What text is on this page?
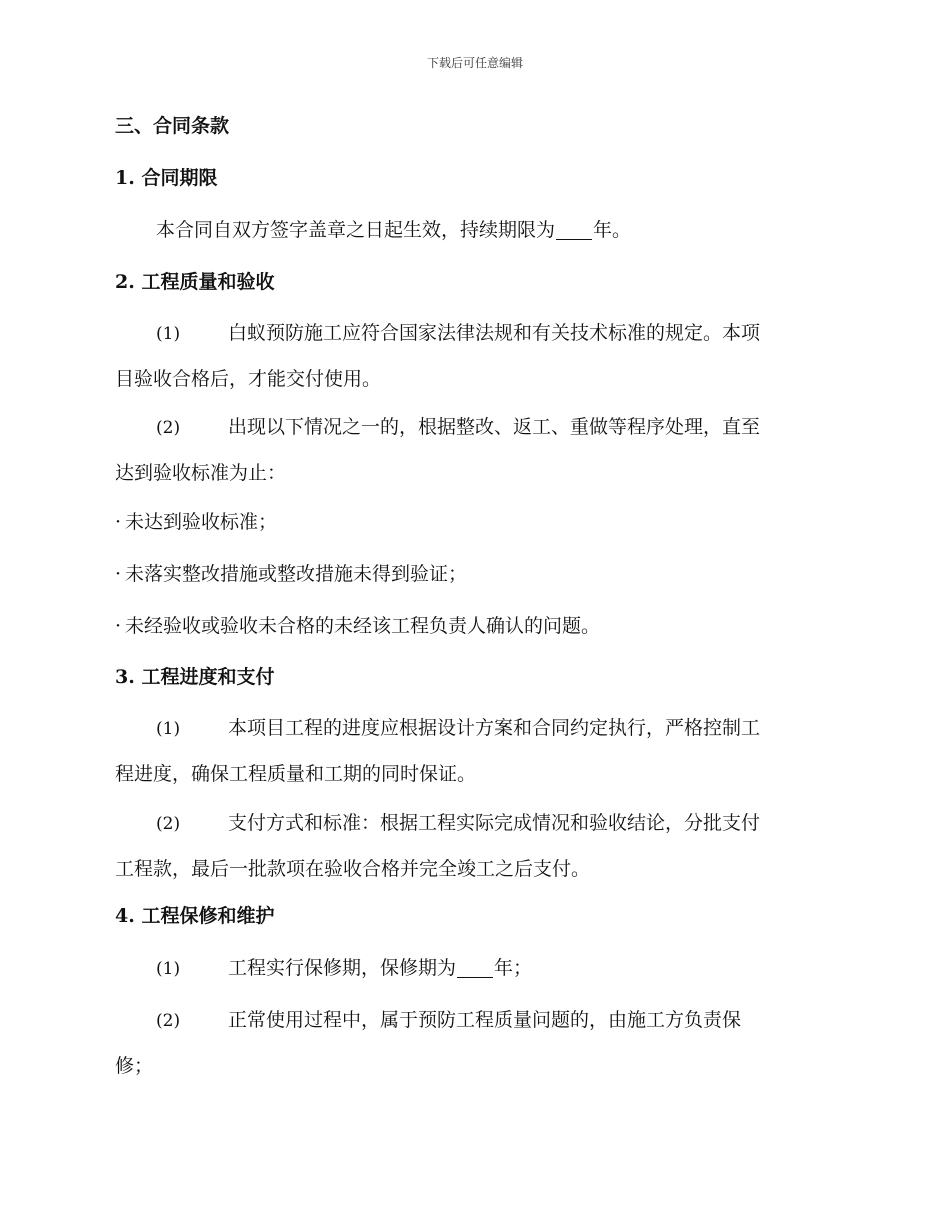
下载后可任意编辑
三、合同条款
1. 合同期限
本合同自双方签字盖章之日起生效，持续期限为 年。
2. 工程质量和验收
(1)	白蚁预防施工应符合国家法律法规和有关技术标准的规定。本项
目验收合格后，才能交付使用。
(2)	出现以下情况之一的，根据整改、返工、重做等程序处理，直至
达到验收标准为止：
· 未达到验收标准；
· 未落实整改措施或整改措施未得到验证；
· 未经验收或验收未合格的未经该工程负责人确认的问题。
3. 工程进度和支付
(1)	本项目工程的进度应根据设计方案和合同约定执行，严格控制工
程进度，确保工程质量和工期的同时保证。
(2)	支付方式和标准：根据工程实际完成情况和验收结论，分批支付
工程款，最后一批款项在验收合格并完全竣工之后支付。
4. 工程保修和维护
(1)	工程实行保修期，保修期为 年；
(2)	正常使用过程中，属于预防工程质量问题的，由施工方负责保
修；
